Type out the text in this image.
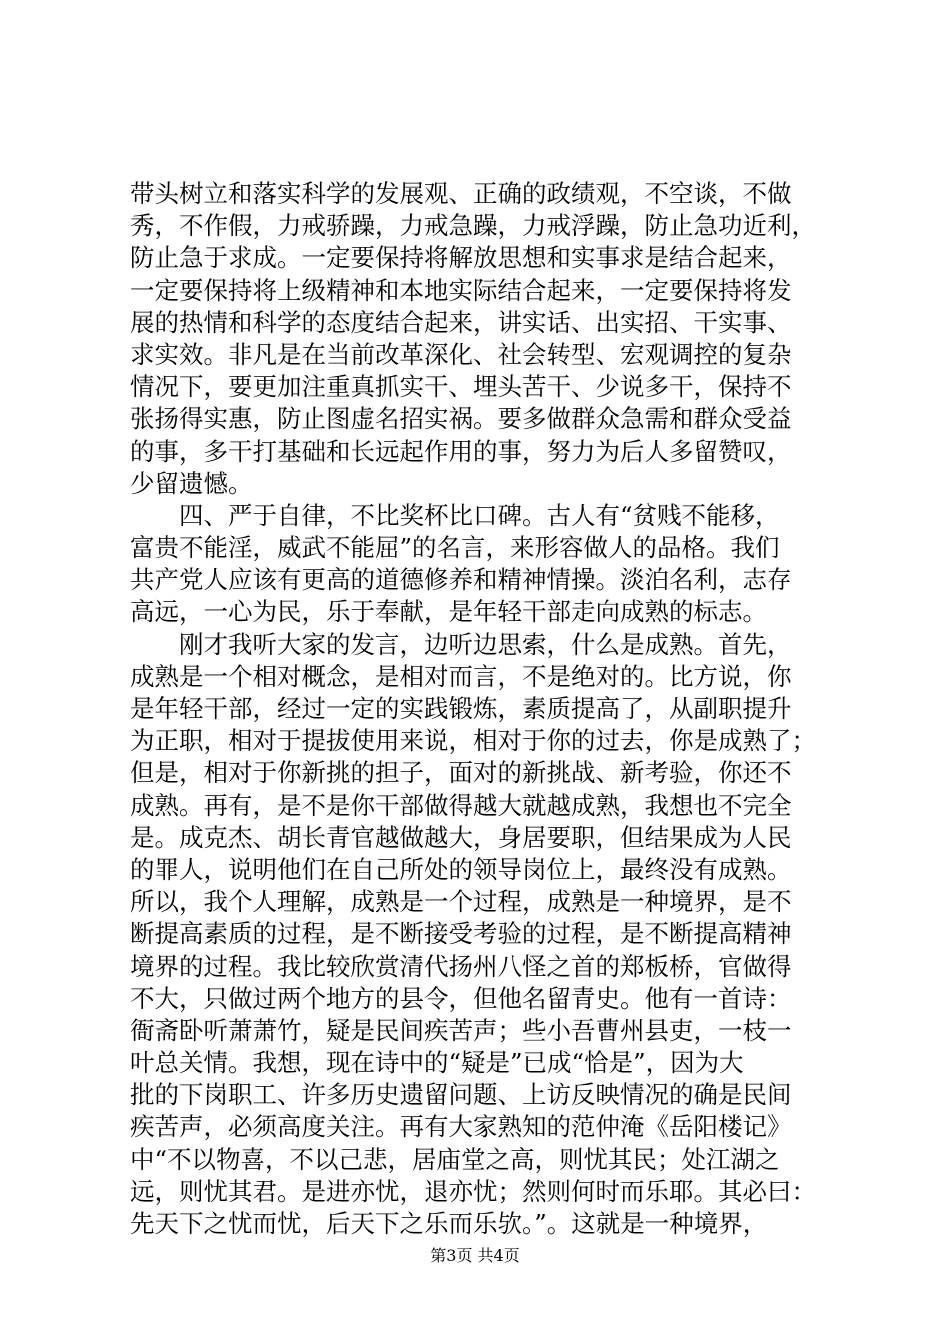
带头树立和落实科学的发展观、正确的政绩观，不空谈，不做
秀，不作假，力戒骄躁，力戒急躁，力戒浮躁，防止急功近利，
防止急于求成。一定要保持将解放思想和实事求是结合起来，
一定要保持将上级精神和本地实际结合起来，一定要保持将发
展的热情和科学的态度结合起来，讲实话、出实招、干实事、
求实效。非凡是在当前改革深化、社会转型、宏观调控的复杂
情况下，要更加注重真抓实干、埋头苦干、少说多干，保持不
张扬得实惠，防止图虚名招实祸。要多做群众急需和群众受益
的事，多干打基础和长远起作用的事，努力为后人多留赞叹，
少留遗憾。
　　四、严于自律，不比奖杯比口碑。古人有“贫贱不能移，
富贵不能淫，威武不能屈”的名言，来形容做人的品格。我们
共产党人应该有更高的道德修养和精神情操。淡泊名利，志存
高远，一心为民，乐于奉献，是年轻干部走向成熟的标志。
　　刚才我听大家的发言，边听边思索，什么是成熟。首先，
成熟是一个相对概念，是相对而言，不是绝对的。比方说，你
是年轻干部，经过一定的实践锻炼，素质提高了，从副职提升
为正职，相对于提拔使用来说，相对于你的过去，你是成熟了；
但是，相对于你新挑的担子，面对的新挑战、新考验，你还不
成熟。再有，是不是你干部做得越大就越成熟，我想也不完全
是。成克杰、胡长青官越做越大，身居要职，但结果成为人民
的罪人，说明他们在自己所处的领导岗位上，最终没有成熟。
所以，我个人理解，成熟是一个过程，成熟是一种境界，是不
断提高素质的过程，是不断接受考验的过程，是不断提高精神
境界的过程。我比较欣赏清代扬州八怪之首的郑板桥，官做得
不大，只做过两个地方的县令，但他名留青史。他有一首诗：
衙斋卧听萧萧竹，疑是民间疾苦声；些小吾曹州县吏，一枝一
叶总关情。我想，现在诗中的“疑是”已成“恰是”，因为大
批的下岗职工、许多历史遗留问题、上访反映情况的确是民间
疾苦声，必须高度关注。再有大家熟知的范仲淹《岳阳楼记》
中“不以物喜，不以己悲，居庙堂之高，则忧其民；处江湖之
远，则忧其君。是进亦忧，退亦忧；然则何时而乐耶。其必曰：
先天下之忧而忧，后天下之乐而乐欤。”。这就是一种境界，
第3页 共4页
